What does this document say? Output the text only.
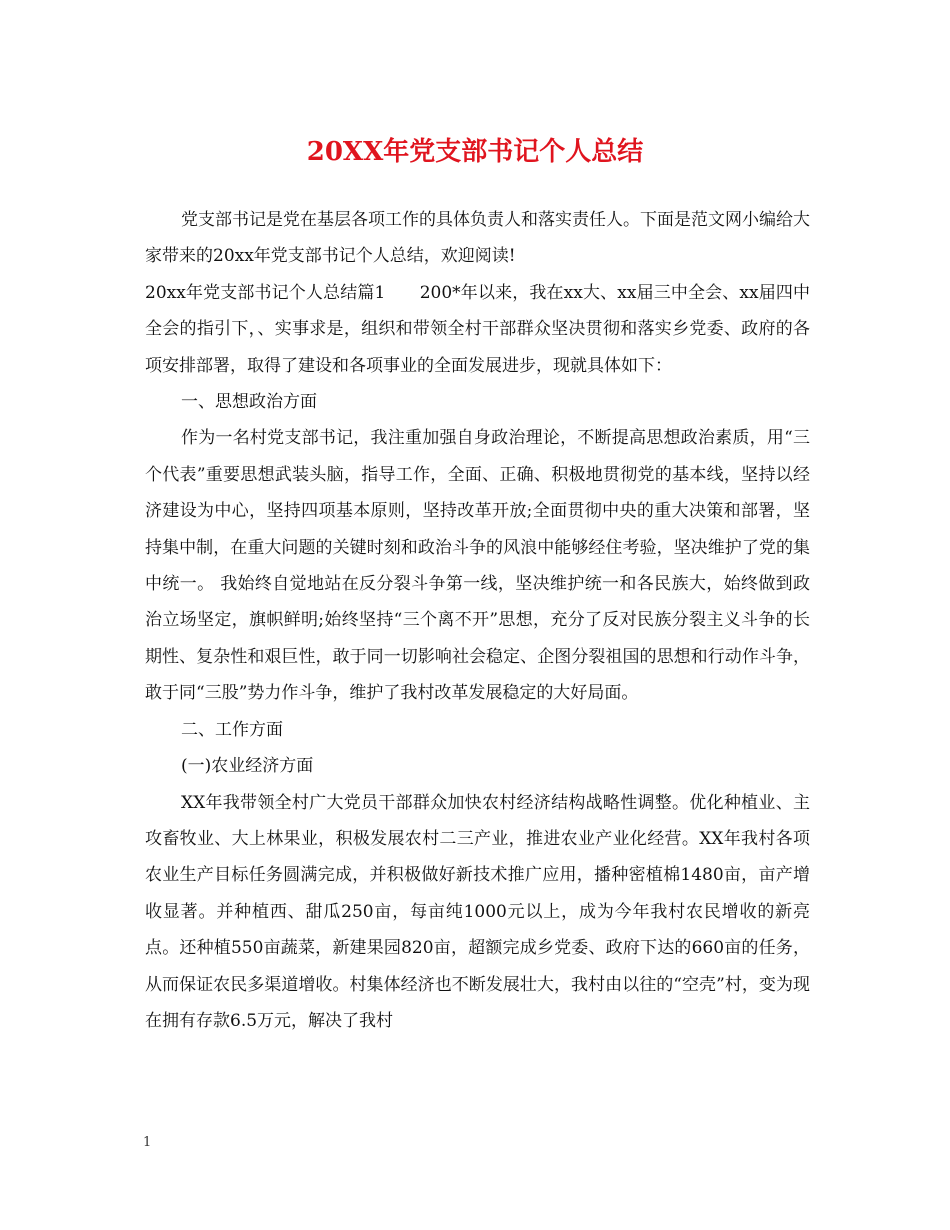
20XX年党支部书记个人总结

党支部书记是党在基层各项工作的具体负责人和落实责任人。下面是范文网小编给大家带来的20xx年党支部书记个人总结，欢迎阅读!

20xx年党支部书记个人总结篇1　　200*年以来，我在xx大、xx届三中全会、xx届四中全会的指引下，、实事求是，组织和带领全村干部群众坚决贯彻和落实乡党委、政府的各项安排部署，取得了建设和各项事业的全面发展进步，现就具体如下：

一、思想政治方面

作为一名村党支部书记，我注重加强自身政治理论，不断提高思想政治素质，用“三个代表”重要思想武装头脑，指导工作，全面、正确、积极地贯彻党的基本线，坚持以经济建设为中心，坚持四项基本原则，坚持改革开放;全面贯彻中央的重大决策和部署，坚持集中制，在重大问题的关键时刻和政治斗争的风浪中能够经住考验，坚决维护了党的集中统一。 我始终自觉地站在反分裂斗争第一线，坚决维护统一和各民族大，始终做到政治立场坚定，旗帜鲜明;始终坚持“三个离不开”思想，充分了反对民族分裂主义斗争的长期性、复杂性和艰巨性，敢于同一切影响社会稳定、企图分裂祖国的思想和行动作斗争，敢于同“三股”势力作斗争，维护了我村改革发展稳定的大好局面。

二、工作方面

(一)农业经济方面

XX年我带领全村广大党员干部群众加快农村经济结构战略性调整。优化种植业、主攻畜牧业、大上林果业，积极发展农村二三产业，推进农业产业化经营。XX年我村各项农业生产目标任务圆满完成，并积极做好新技术推广应用，播种密植棉1480亩，亩产增收显著。并种植西、甜瓜250亩，每亩纯1000元以上，成为今年我村农民增收的新亮点。还种植550亩蔬菜，新建果园820亩，超额完成乡党委、政府下达的660亩的任务，从而保证农民多渠道增收。村集体经济也不断发展壮大，我村由以往的“空壳”村，变为现在拥有存款6.5万元，解决了我村

1
